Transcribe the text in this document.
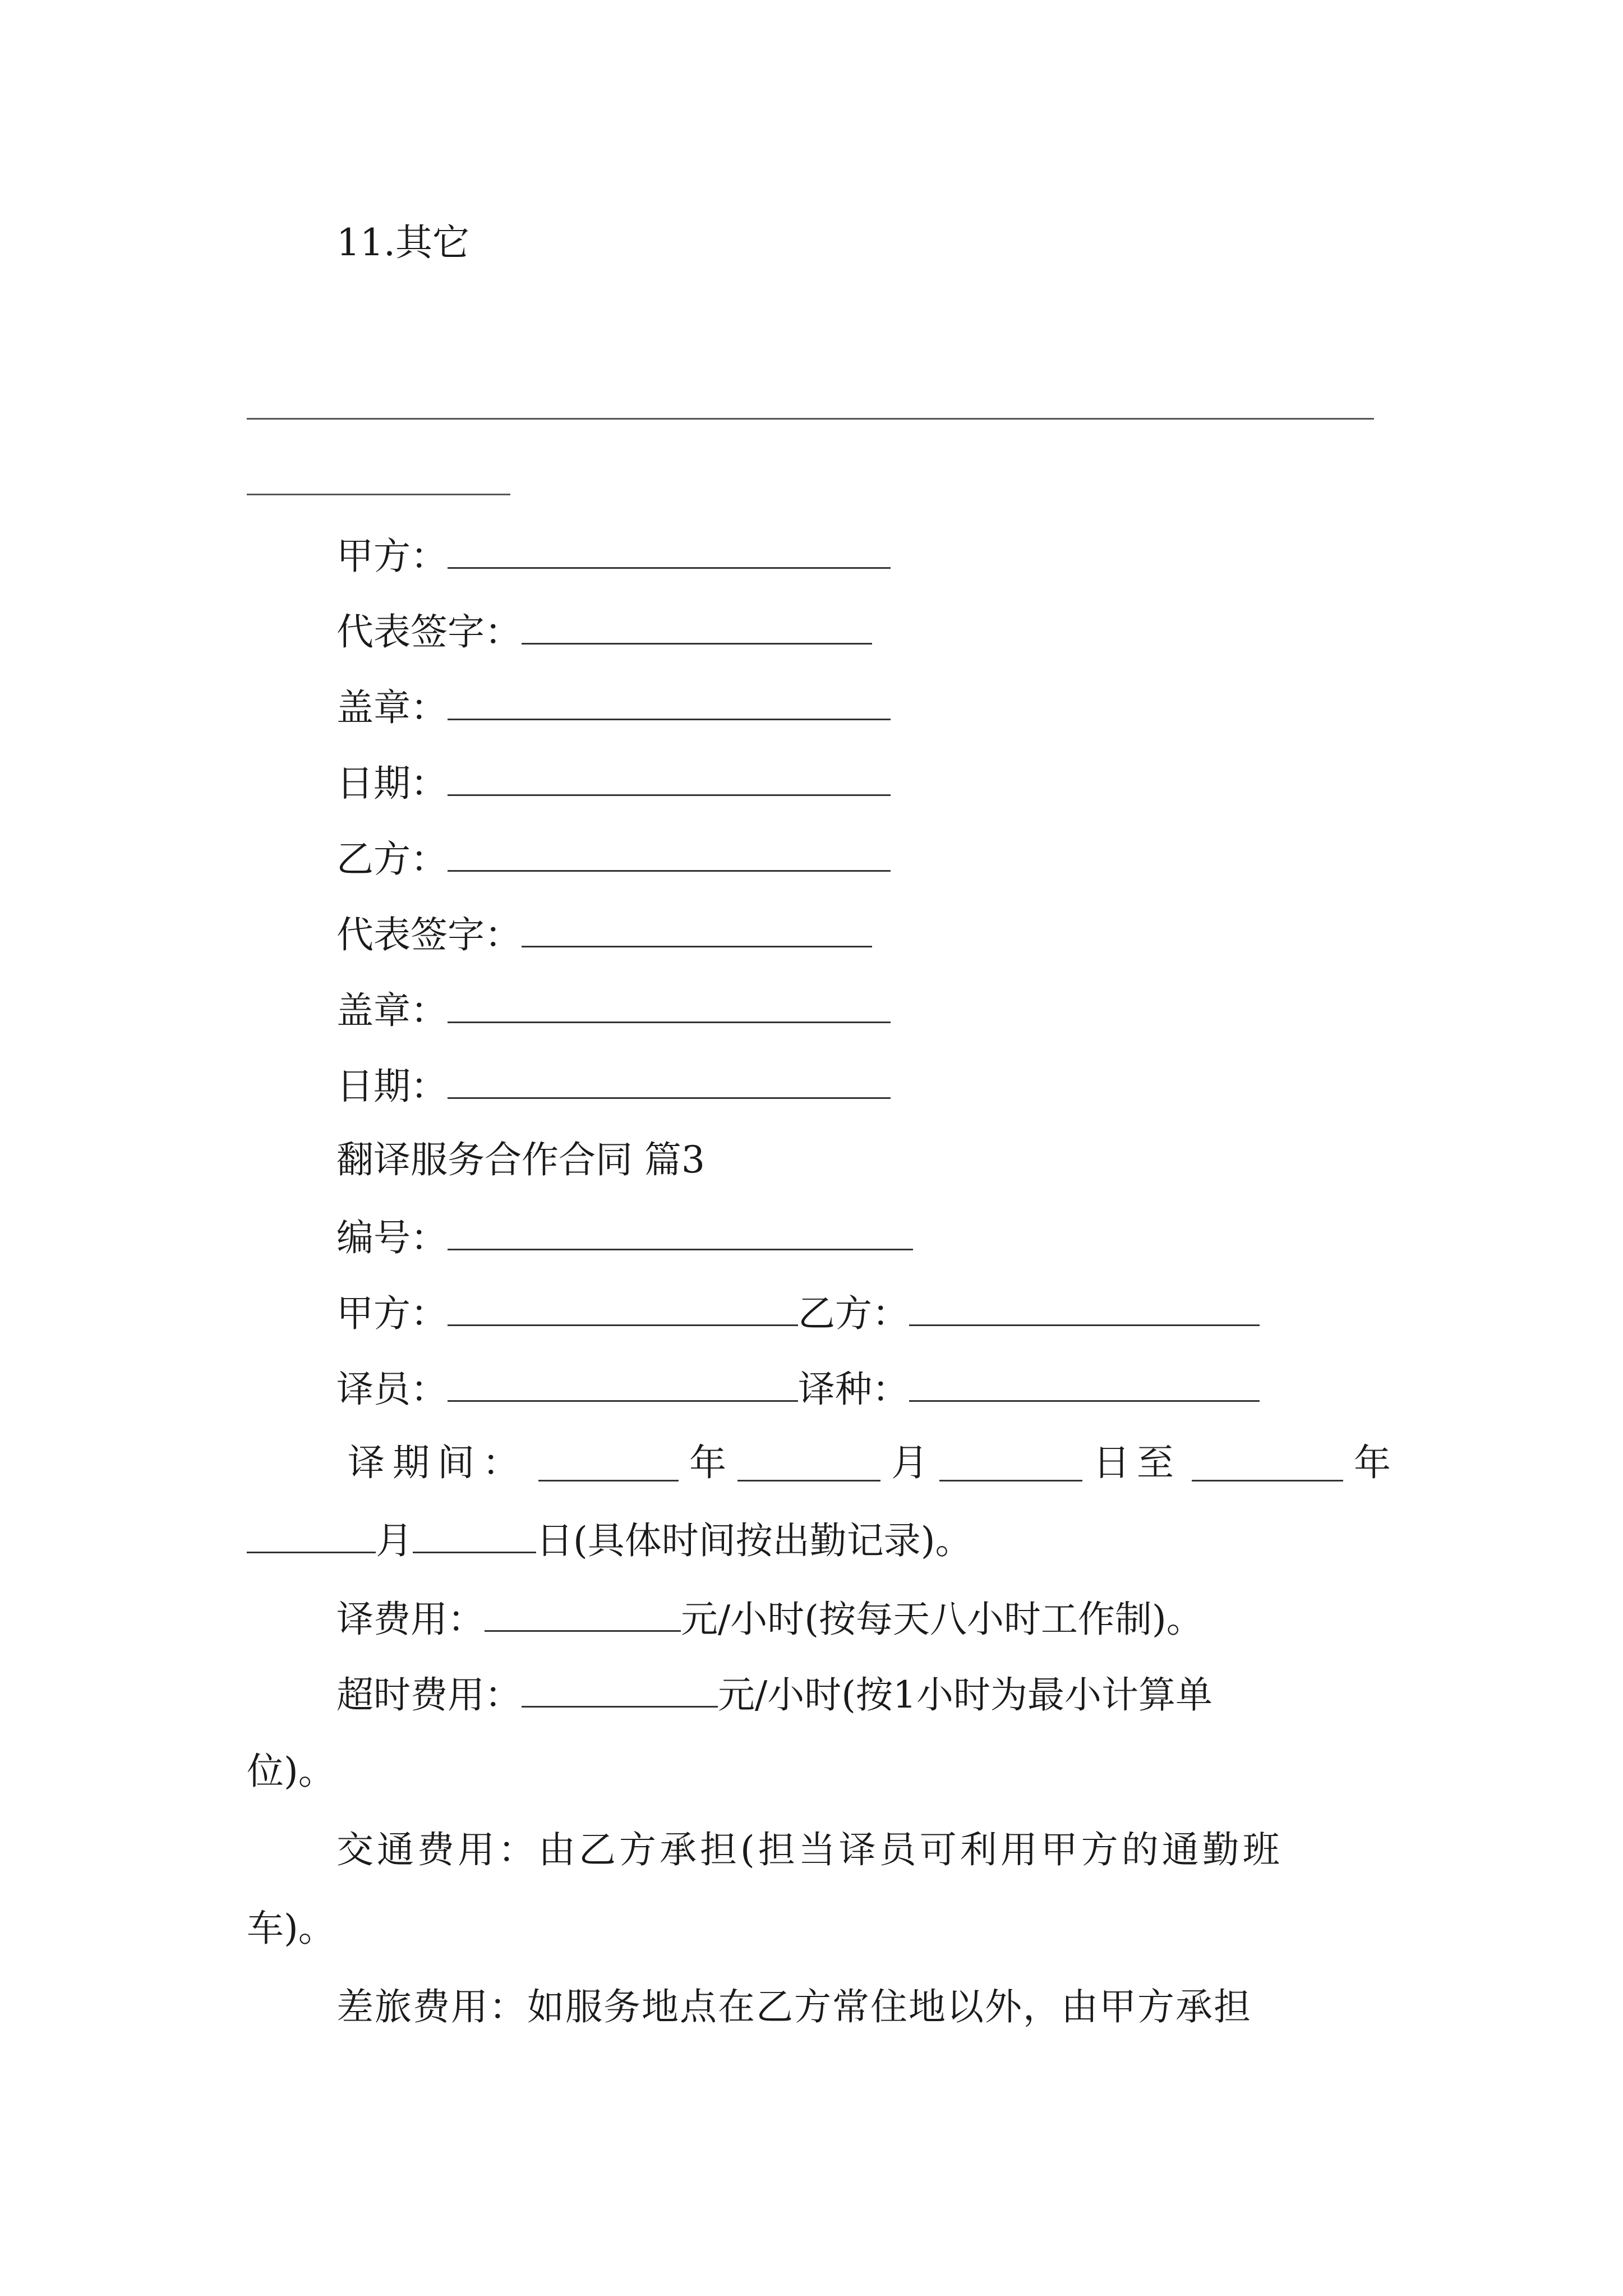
11.其它
甲方：
代表签字：
盖章：
日期：
乙方：
代表签字：
盖章：
日期：
翻译服务合作合同 篇3
编号：
甲方：	乙方：
译员：	译种：
译期间：	年	月	日至	年
月	日(具体时间按出勤记录)。
译费用：	元/小时(按每天八小时工作制)。
超时费用：	元/小时(按1小时为最小计算单
位)。
交通费用：由乙方承担(担当译员可利用甲方的通勤班
车)。
差旅费用：如服务地点在乙方常住地以外，由甲方承担
